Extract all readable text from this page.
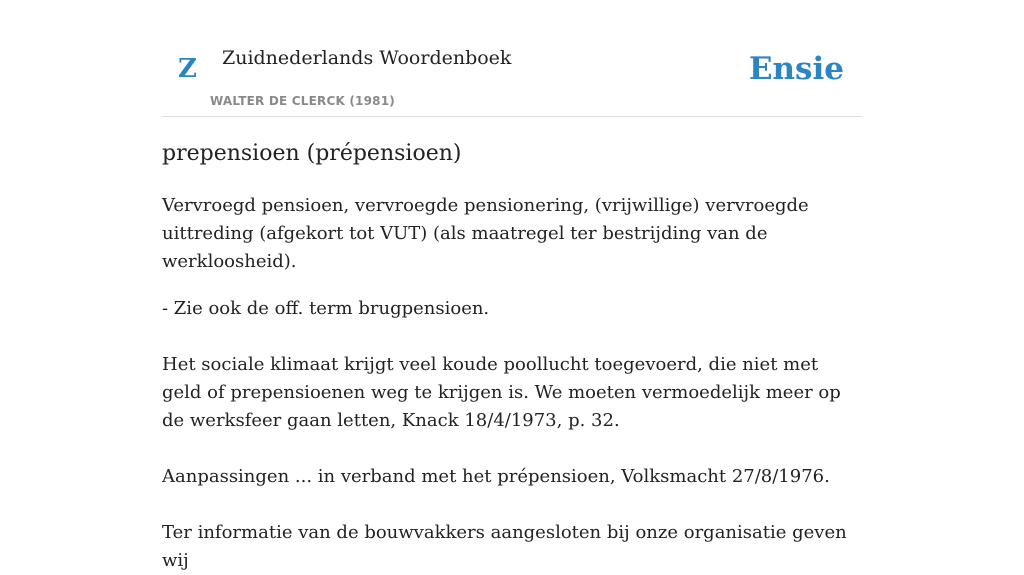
Z Zuidnederlands Woordenboek
WALTER DE CLERCK (1981)
Ensie
prepensioen (prépensioen)

Vervroegd pensioen, vervroegde pensionering, (vrijwillige) vervroegde uittreding (afgekort tot VUT) (als maatregel ter bestrijding van de werkloosheid).

- Zie ook de off. term brugpensioen.

Het sociale klimaat krijgt veel koude poollucht toegevoerd, die niet met geld of prepensioenen weg te krijgen is. We moeten vermoedelijk meer op de werksfeer gaan letten, Knack 18/4/1973, p. 32.

Aanpassingen ... in verband met het prépensioen, Volksmacht 27/8/1976.

Ter informatie van de bouwvakkers aangesloten bij onze organisatie geven wij
